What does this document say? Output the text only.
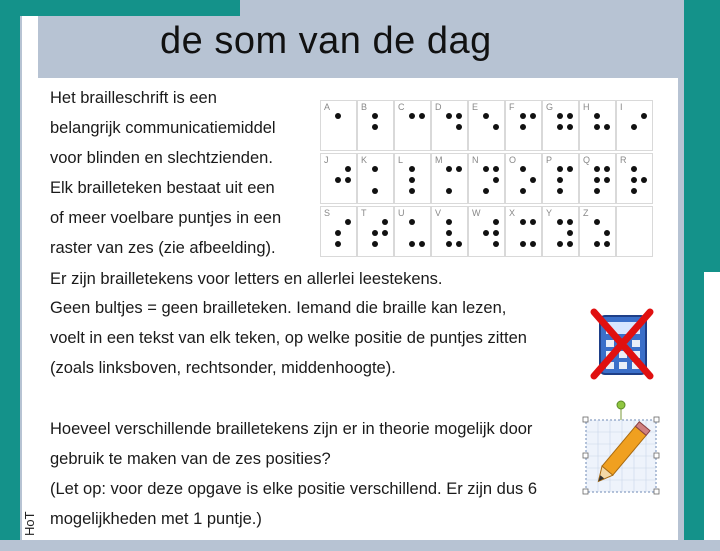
HoT
de som van de dag
Het brailleschrift is een
belangrijk communicatiemiddel
voor blinden en slechtzienden.
Elk brailleteken bestaat uit een
of meer voelbare puntjes in een
raster van zes (zie afbeelding).
Er zijn brailletekens voor letters en allerlei leestekens.
Geen bultjes = geen brailleteken. Iemand die braille kan lezen,
voelt in een tekst van elk teken, op welke positie de puntjes zitten
(zoals linksboven, rechtsonder, middenhoogte).
Hoeveel verschillende brailletekens zijn er in theorie mogelijk door
gebruik te maken van de zes posities?
(Let op: voor deze opgave is elke positie verschillend. Er zijn dus 6
mogelijkheden met 1 puntje.)
A	B	C	D	E	F	G	H	I
J	K	L	M	N	O	P	Q	R
S	T	U	V	W	X	Y	Z
